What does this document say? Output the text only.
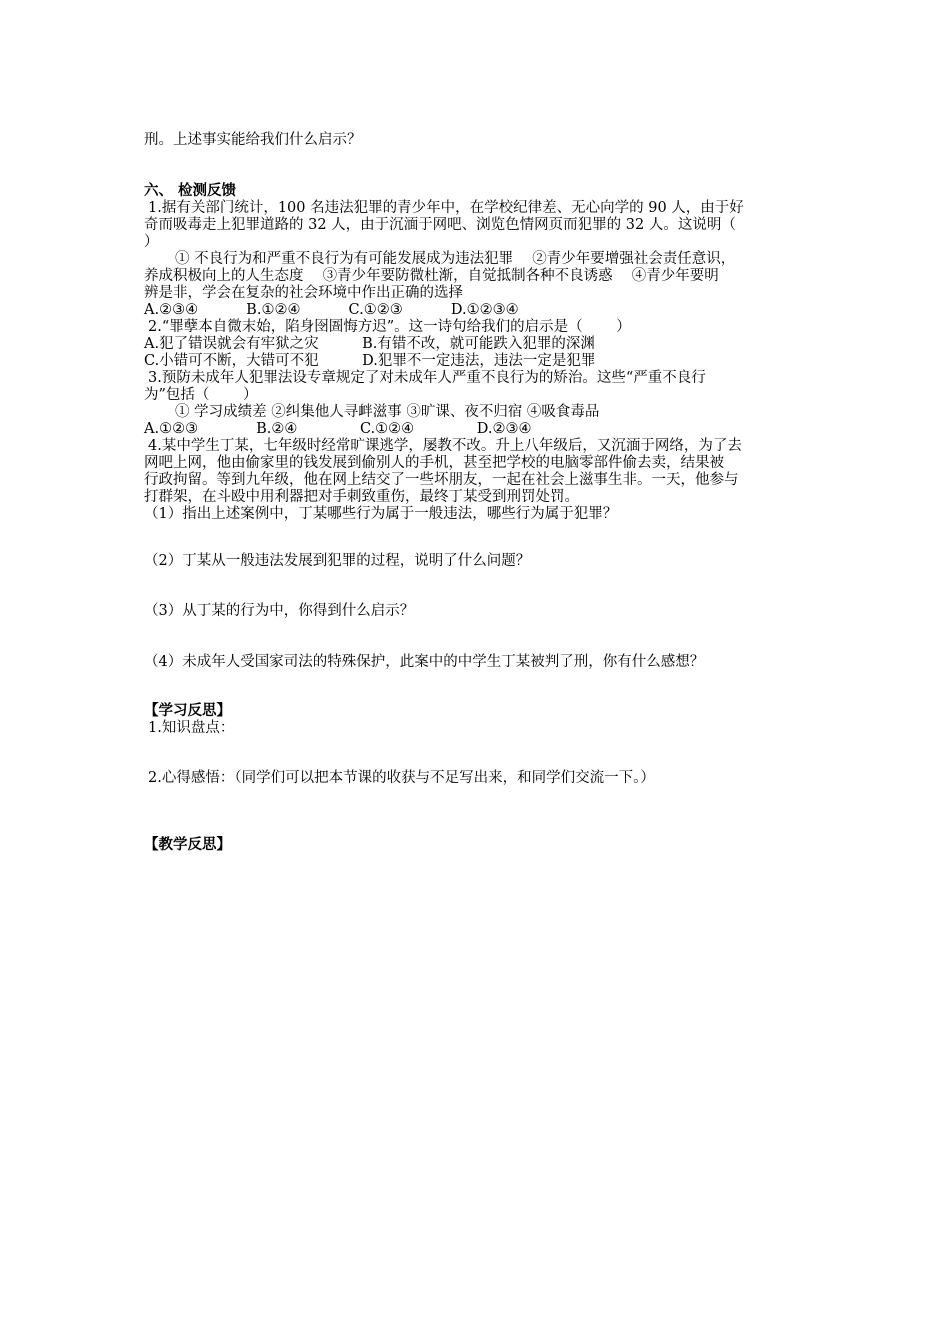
刑。上述事实能给我们什么启示？
六、 检测反馈
1.据有关部门统计，100 名违法犯罪的青少年中，在学校纪律差、无心向学的 90 人，由于好
奇而吸毒走上犯罪道路的 32 人，由于沉湎于网吧、浏览色情网页而犯罪的 32 人。这说明（
）
① 不良行为和严重不良行为有可能发展成为违法犯罪　 ②青少年要增强社会责任意识，
养成积极向上的人生态度　 ③青少年要防微杜渐，自觉抵制各种不良诱惑　 ④青少年要明
辨是非，学会在复杂的社会环境中作出正确的选择
A.②③④　　　 B.①②④　　　 C.①②③　　　 D.①②③④
2.“罪孽本自微末始，陷身囹圄悔方迟”。这一诗句给我们的启示是（　　 ）
A.犯了错误就会有牢狱之灾　　　B.有错不改，就可能跌入犯罪的深渊
C.小错可不断，大错可不犯　　　D.犯罪不一定违法，违法一定是犯罪
3.预防未成年人犯罪法设专章规定了对未成年人严重不良行为的矫治。这些“严重不良行
为”包括（　　 ）
① 学习成绩差 ②纠集他人寻衅滋事 ③旷课、夜不归宿 ④吸食毒品
A.①②③　　　　B.②④　　　　 C.①②④　　　　 D.②③④
4.某中学生丁某，七年级时经常旷课逃学，屡教不改。升上八年级后，又沉湎于网络，为了去
网吧上网，他由偷家里的钱发展到偷别人的手机，甚至把学校的电脑零部件偷去卖，结果被
行政拘留。等到九年级，他在网上结交了一些坏朋友，一起在社会上滋事生非。一天，他参与
打群架，在斗殴中用利器把对手刺致重伤，最终丁某受到刑罚处罚。
（1）指出上述案例中，丁某哪些行为属于一般违法，哪些行为属于犯罪？
（2）丁某从一般违法发展到犯罪的过程，说明了什么问题？
（3）从丁某的行为中，你得到什么启示？
（4）未成年人受国家司法的特殊保护，此案中的中学生丁某被判了刑，你有什么感想？
【学习反思】
1.知识盘点：
2.心得感悟：（同学们可以把本节课的收获与不足写出来，和同学们交流一下。）
【教学反思】
